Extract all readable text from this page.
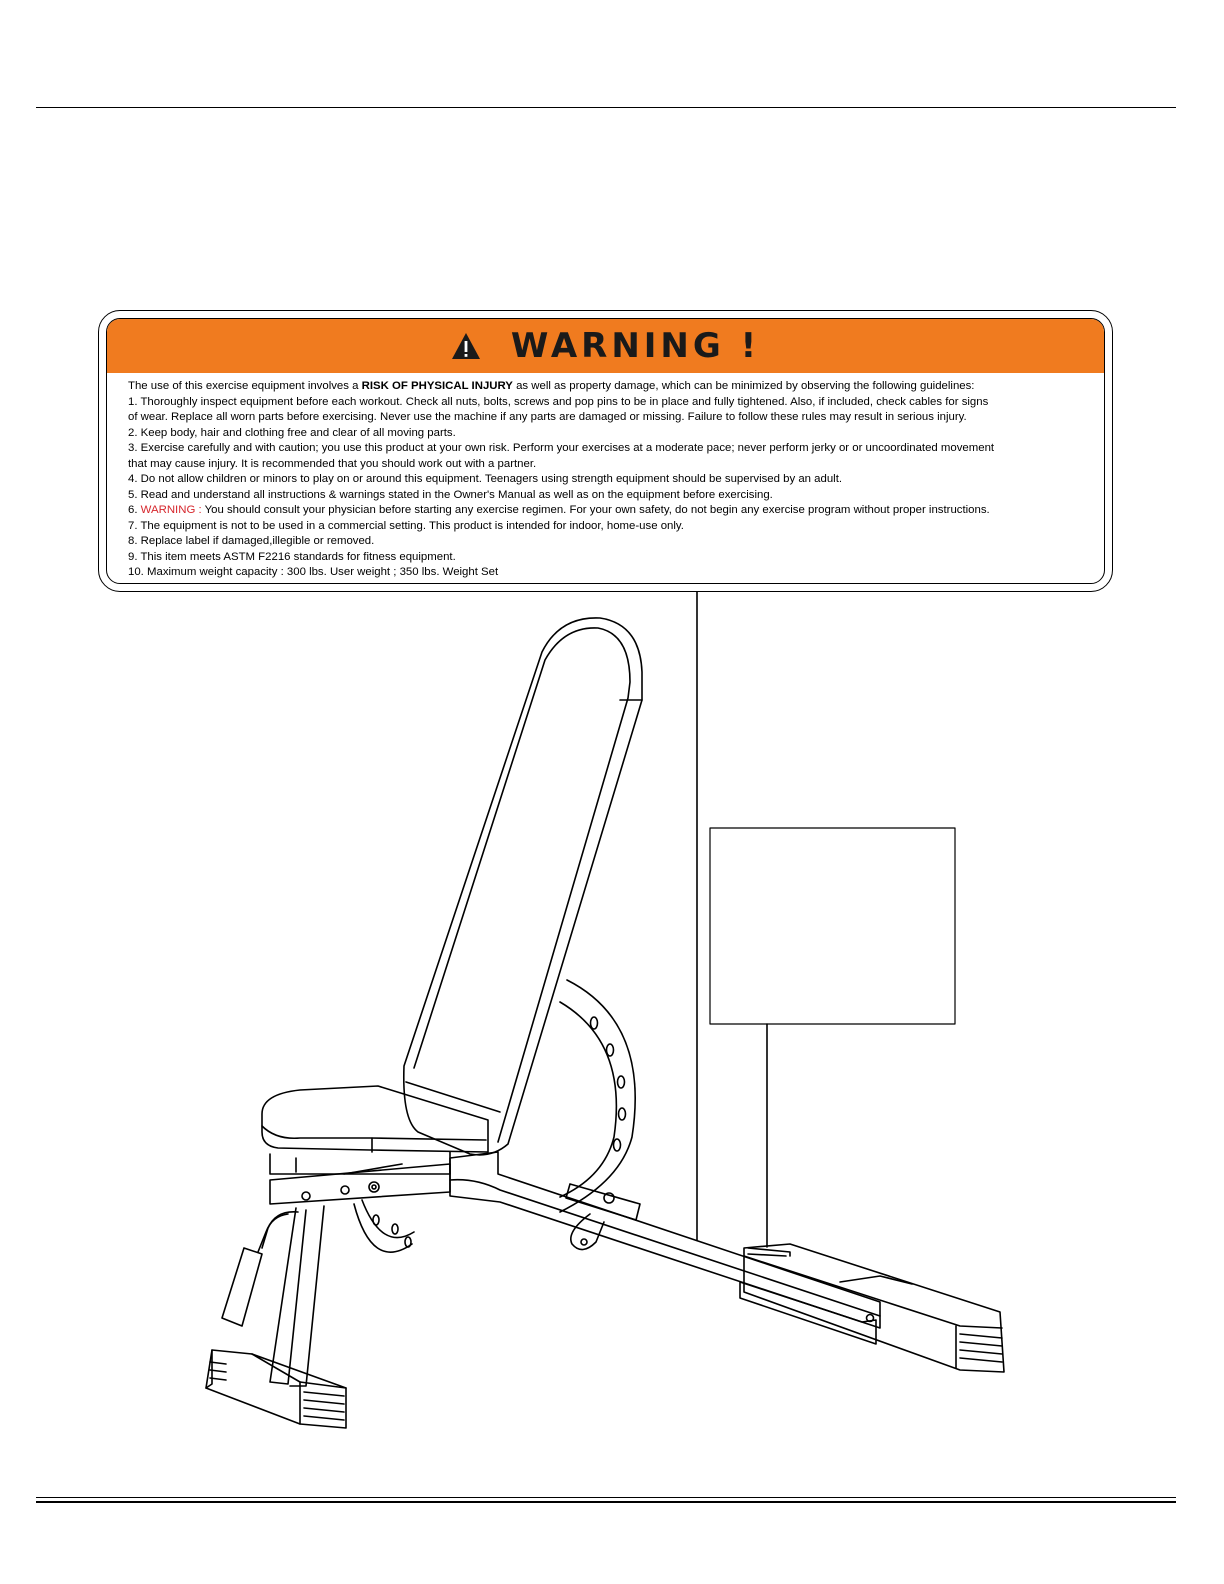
WARNING !

The use of this exercise equipment involves a RISK OF PHYSICAL INJURY as well as property damage, which can be minimized by observing the following guidelines:

1. Thoroughly inspect equipment before each workout. Check all nuts, bolts, screws and pop pins to be in place and fully tightened. Also, if included, check cables for signs

of wear. Replace all worn parts before exercising. Never use the machine if any parts are damaged or missing. Failure to follow these rules may result in serious injury.

2. Keep body, hair and clothing free and clear of all moving parts.

3. Exercise carefully and with caution; you use this product at your own risk. Perform your exercises at a moderate pace; never perform jerky or or uncoordinated movement

that may cause injury. It is recommended that you should work out with a partner.

4. Do not allow children or minors to play on or around this equipment. Teenagers using strength equipment should be supervised by an adult.

5. Read and understand all instructions & warnings stated in the Owner's Manual as well as on the equipment before exercising.

6. WARNING : You should consult your physician before starting any exercise regimen. For your own safety, do not begin any exercise program without proper instructions.

7. The equipment is not to be used in a commercial setting. This product is intended for indoor, home-use only.

8. Replace label if damaged,illegible or removed.

9. This item meets ASTM F2216 standards for fitness equipment.

10. Maximum weight capacity : 300 lbs. User weight ; 350 lbs. Weight Set
